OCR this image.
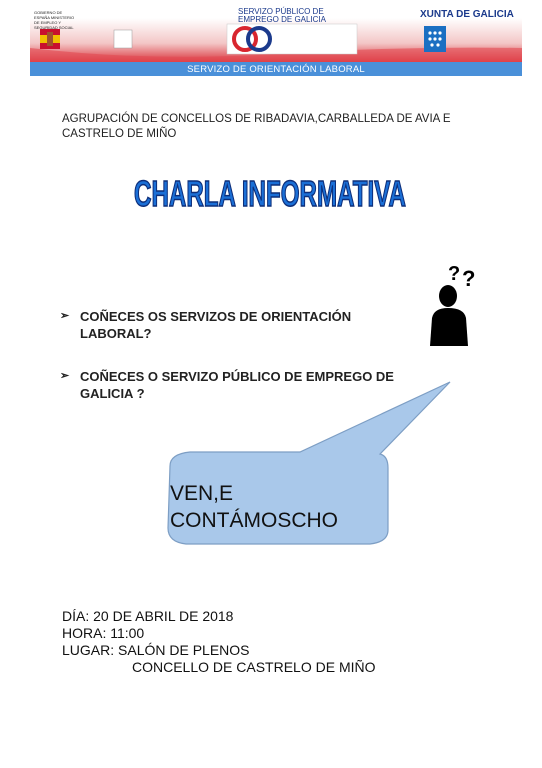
SERVIZO DE ORIENTACIÓN LABORAL
GOBIERNO DE ESPAÑA MINISTERIO DE EMPLEO Y SEGURIDAD SOCIAL
SERVIZO PÚBLICO DE EMPREGO DE GALICIA	XUNTA DE GALICIA
AGRUPACIÓN DE CONCELLOS DE RIBADAVIA,CARBALLEDA DE AVIA E CASTRELO DE MIÑO
CHARLA INFORMATIVA
➢ COÑECES OS SERVIZOS DE ORIENTACIÓN LABORAL?
➢ COÑECES O SERVIZO PÚBLICO DE EMPREGO DE GALICIA ?
? ?
VEN,E
CONTÁMOSCHO
DÍA: 20 DE ABRIL DE 2018
HORA: 11:00
LUGAR: SALÓN DE PLENOS
CONCELLO DE CASTRELO DE MIÑO
